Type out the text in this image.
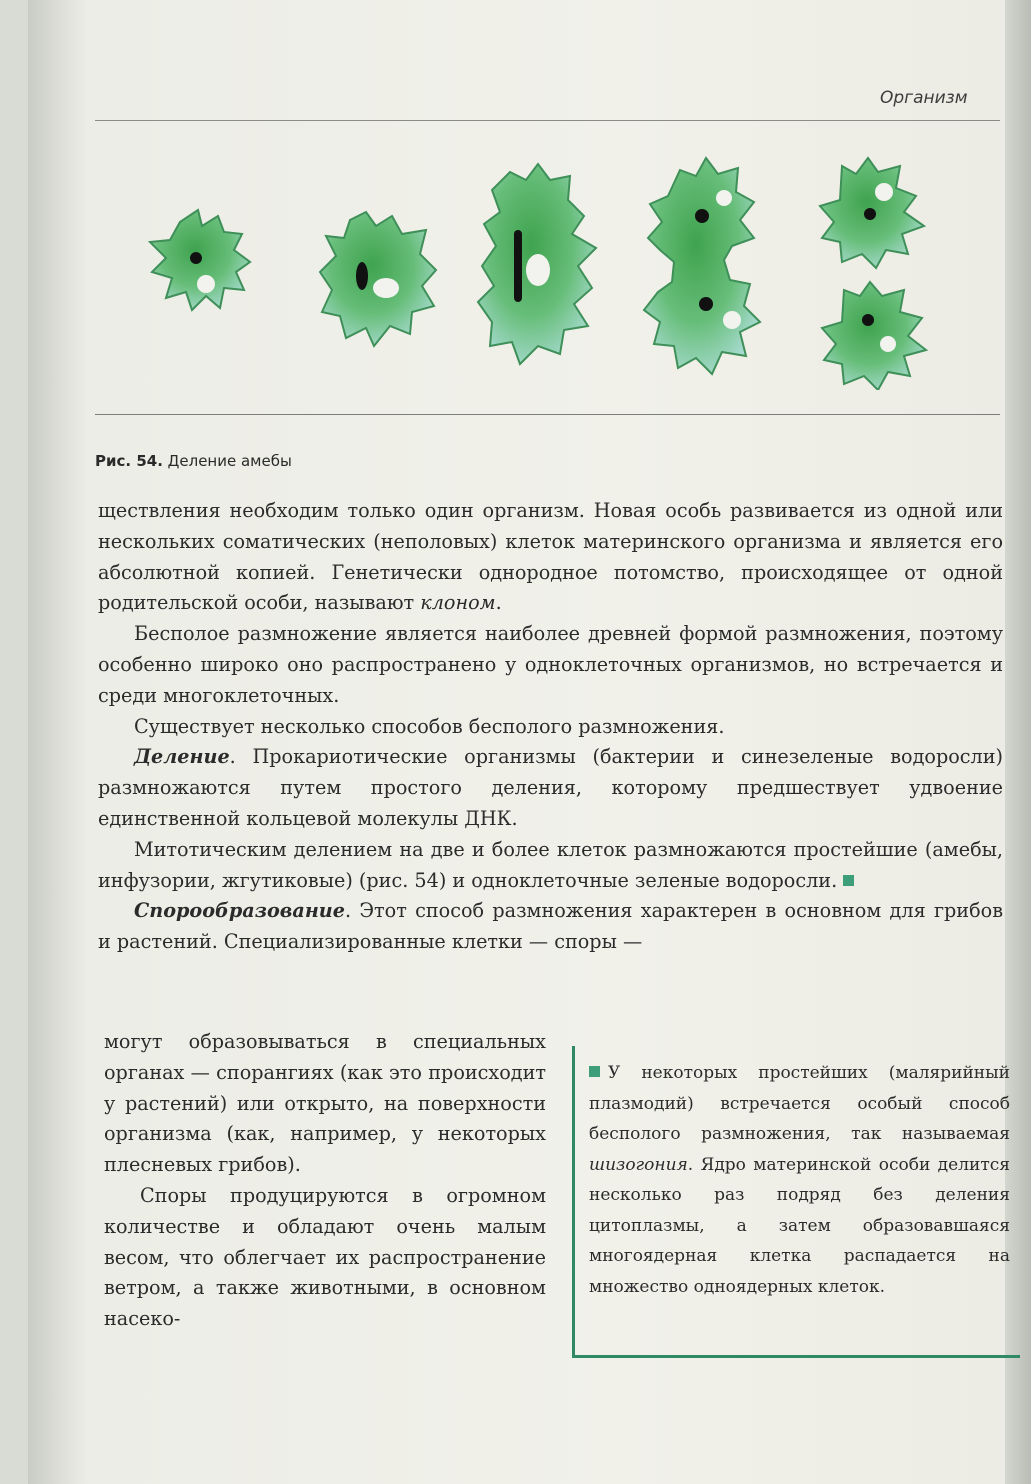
Организм
Рис. 54. Деление амебы

ществления необходим только один организм. Новая особь развивается из одной или нескольких соматических (неполовых) клеток материнского организма и является его абсолютной копией. Генетически однородное потомство, происходящее от одной родительской особи, называют клоном.

Бесполое размножение является наиболее древней формой размножения, поэтому особенно широко оно распространено у одноклеточных организмов, но встречается и среди многоклеточных.

Существует несколько способов бесполого размножения.

Деление. Прокариотические организмы (бактерии и синезеленые водоросли) размножаются путем простого деления, которому предшествует удвоение единственной кольцевой молекулы ДНК.

Митотическим делением на две и более клеток размножаются простейшие (амебы, инфузории, жгутиковые) (рис. 54) и одноклеточные зеленые водоросли.

Спорообразование. Этот способ размножения характерен в основном для грибов и растений. Специализированные клетки — споры —

могут образовываться в специальных органах — спорангиях (как это происходит у растений) или открыто, на поверхности организма (как, например, у некоторых плесневых грибов).

Споры продуцируются в огромном количестве и обладают очень малым весом, что облегчает их распространение ветром, а также животными, в основном насеко-

У некоторых простейших (малярийный плазмодий) встречается особый способ бесполого размножения, так называемая шизогония. Ядро материнской особи делится несколько раз подряд без деления цитоплазмы, а затем образовавшаяся многоядерная клетка распадается на множество одноядерных клеток.
